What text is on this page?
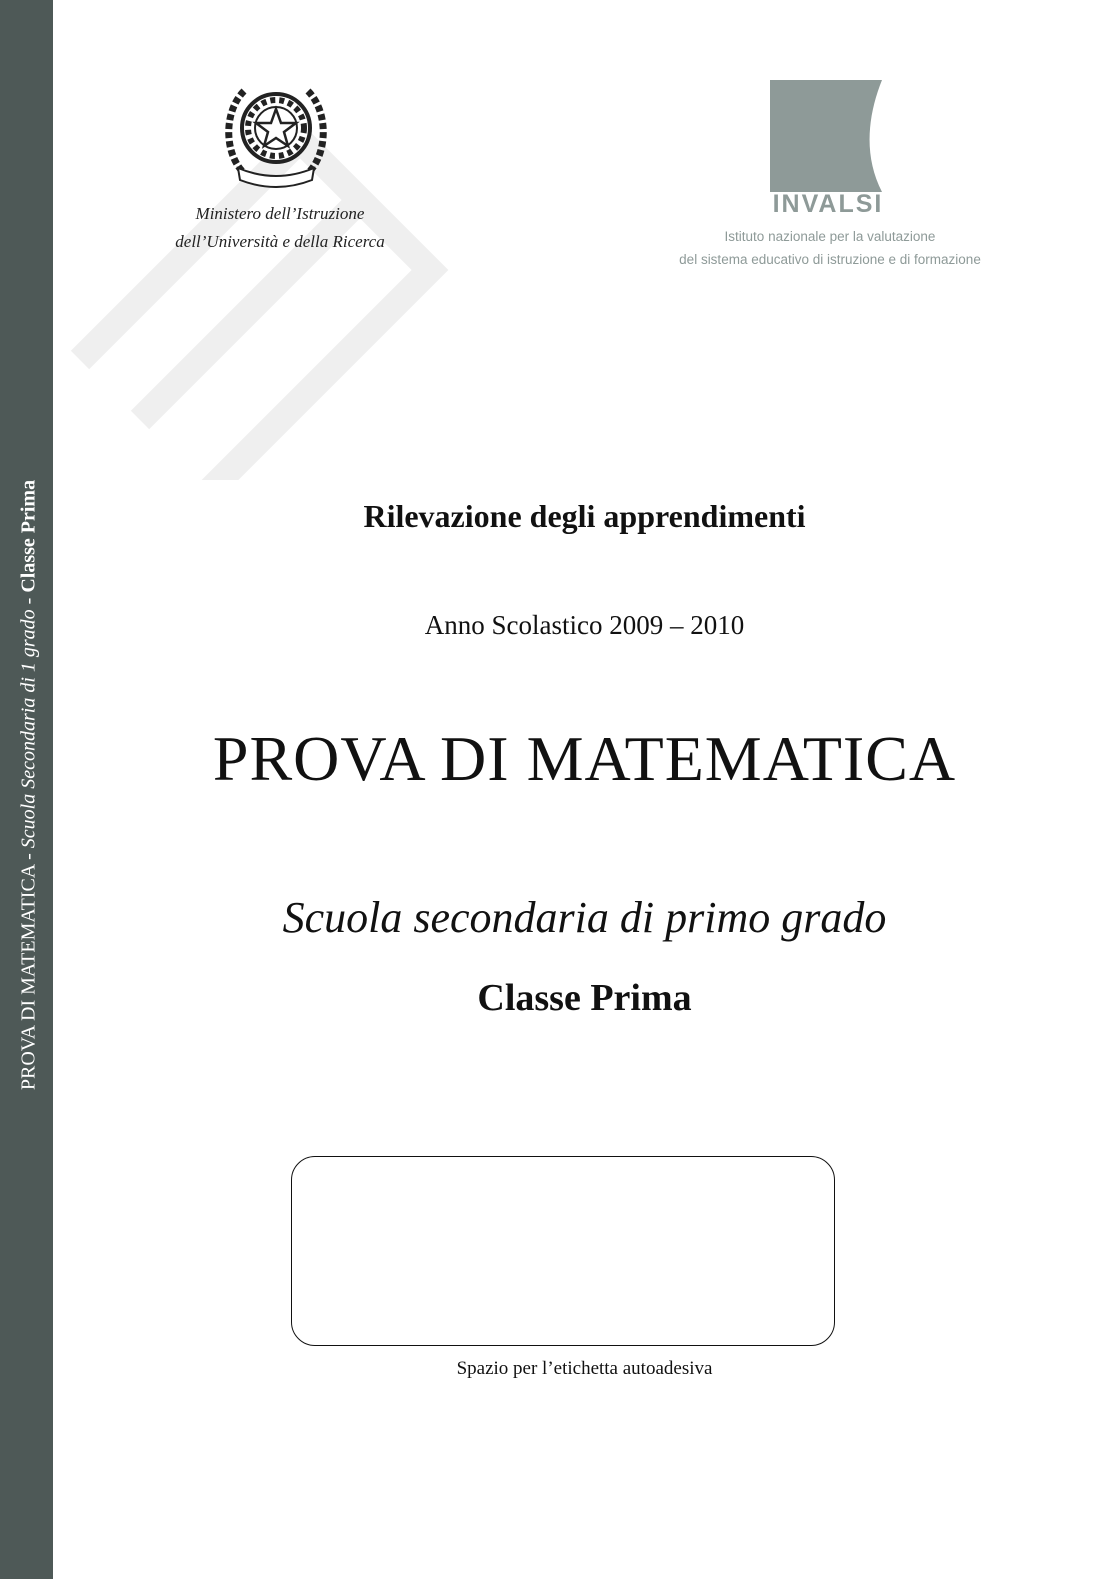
PROVA DI MATEMATICA - Scuola Secondaria di 1 grado - Classe Prima
Ministero dell’Istruzione
dell’Università e della Ricerca
INVALSI
Istituto nazionale per la valutazione
del sistema educativo di istruzione e di formazione
Rilevazione degli apprendimenti
Anno Scolastico 2009 – 2010
PROVA DI MATEMATICA
Scuola secondaria di primo grado
Classe Prima
Spazio per l’etichetta autoadesiva
